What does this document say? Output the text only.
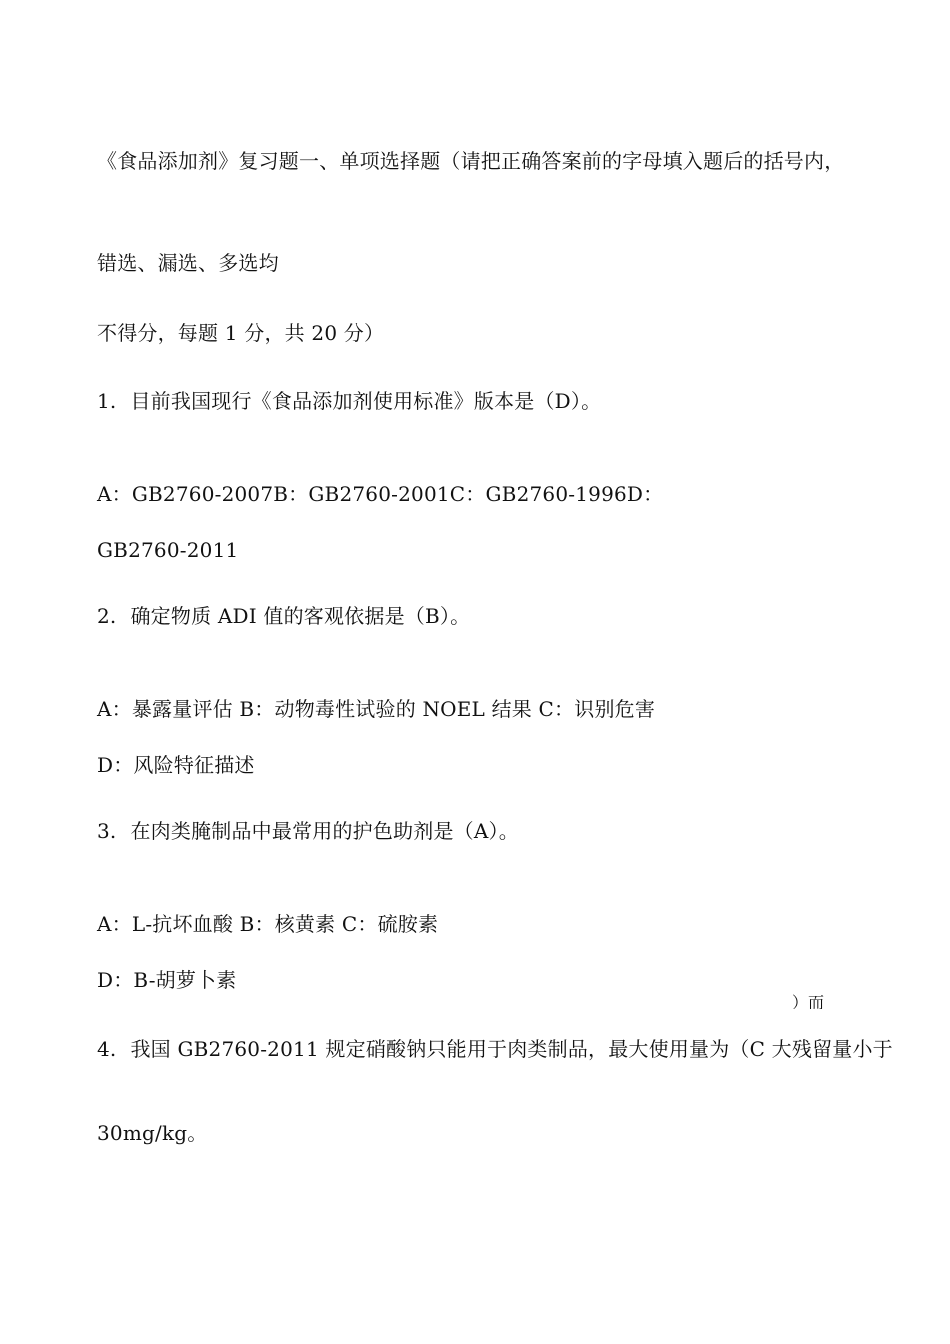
《食品添加剂》复习题一、单项选择题（请把正确答案前的字母填入题后的括号内，
错选、漏选、多选均
不得分，每题 1 分，共 20 分）
1. 目前我国现行《食品添加剂使用标准》版本是（D）。
A：GB2760-2007B：GB2760-2001C：GB2760-1996D：
GB2760-2011
2. 确定物质 ADI 值的客观依据是（B）。
A：暴露量评估 B：动物毒性试验的 NOEL 结果 C：识别危害
D：风险特征描述
3. 在肉类腌制品中最常用的护色助剂是（A）。
A：L-抗坏血酸 B：核黄素 C：硫胺素
D：B-胡萝卜素
）而
4. 我国 GB2760-2011 规定硝酸钠只能用于肉类制品，最大使用量为（C 大残留量小于
30mg/kg。
